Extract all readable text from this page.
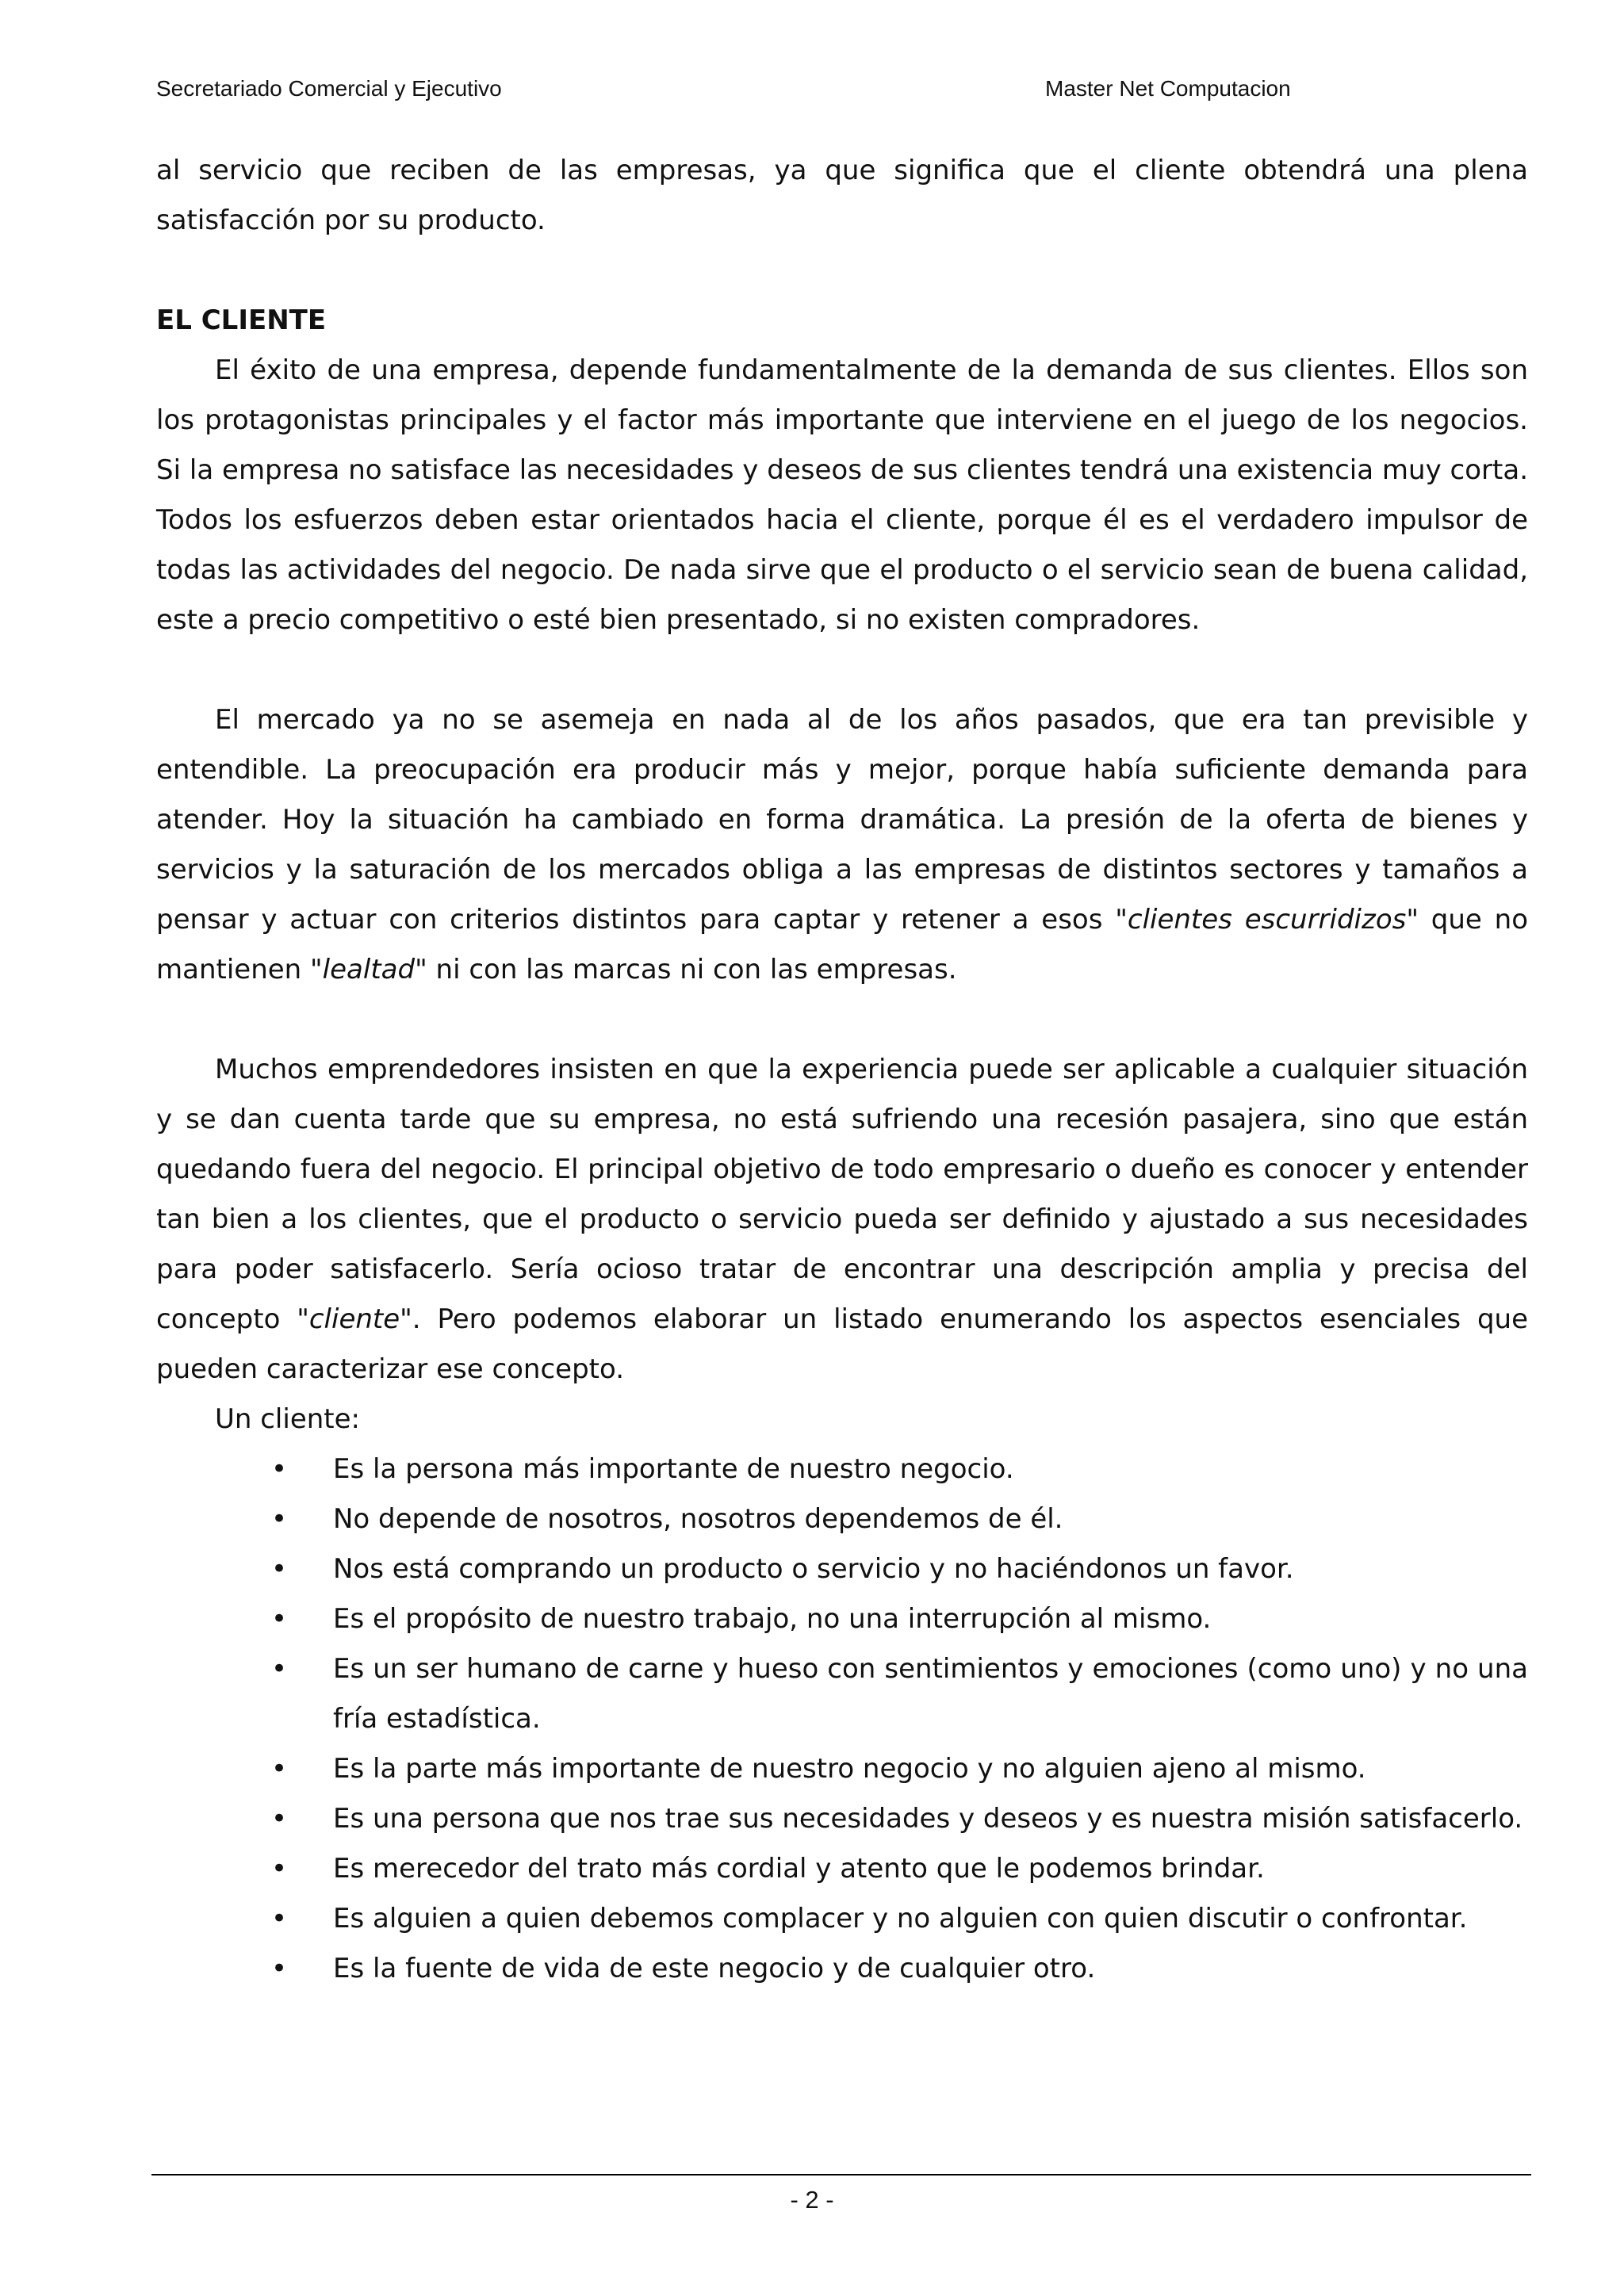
Secretariado Comercial y Ejecutivo	Master Net Computacion

al servicio que reciben de las empresas, ya que significa que el cliente obtendrá una plena satisfacción por su producto.

EL CLIENTE

El éxito de una empresa, depende fundamentalmente de la demanda de sus clientes. Ellos son los protagonistas principales y el factor más importante que interviene en el juego de los negocios. Si la empresa no satisface las necesidades y deseos de sus clientes tendrá una existencia muy corta. Todos los esfuerzos deben estar orientados hacia el cliente, porque él es el verdadero impulsor de todas las actividades del negocio. De nada sirve que el producto o el servicio sean de buena calidad, este a precio competitivo o esté bien presentado, si no existen compradores.

El mercado ya no se asemeja en nada al de los años pasados, que era tan previsible y entendible. La preocupación era producir más y mejor, porque había suficiente demanda para atender. Hoy la situación ha cambiado en forma dramática. La presión de la oferta de bienes y servicios y la saturación de los mercados obliga a las empresas de distintos sectores y tamaños a pensar y actuar con criterios distintos para captar y retener a esos "clientes escurridizos" que no mantienen "lealtad" ni con las marcas ni con las empresas.

Muchos emprendedores insisten en que la experiencia puede ser aplicable a cualquier situación y se dan cuenta tarde que su empresa, no está sufriendo una recesión pasajera, sino que están quedando fuera del negocio. El principal objetivo de todo empresario o dueño es conocer y entender tan bien a los clientes, que el producto o servicio pueda ser definido y ajustado a sus necesidades para poder satisfacerlo. Sería ocioso tratar de encontrar una descripción amplia y precisa del concepto "cliente". Pero podemos elaborar un listado enumerando los aspectos esenciales que pueden caracterizar ese concepto.

Un cliente:

• Es la persona más importante de nuestro negocio.
• No depende de nosotros, nosotros dependemos de él.
• Nos está comprando un producto o servicio y no haciéndonos un favor.
• Es el propósito de nuestro trabajo, no una interrupción al mismo.
• Es un ser humano de carne y hueso con sentimientos y emociones (como uno) y no una fría estadística.
• Es la parte más importante de nuestro negocio y no alguien ajeno al mismo.
• Es una persona que nos trae sus necesidades y deseos y es nuestra misión satisfacerlo.
• Es merecedor del trato más cordial y atento que le podemos brindar.
• Es alguien a quien debemos complacer y no alguien con quien discutir o confrontar.
• Es la fuente de vida de este negocio y de cualquier otro.
- 2 -
